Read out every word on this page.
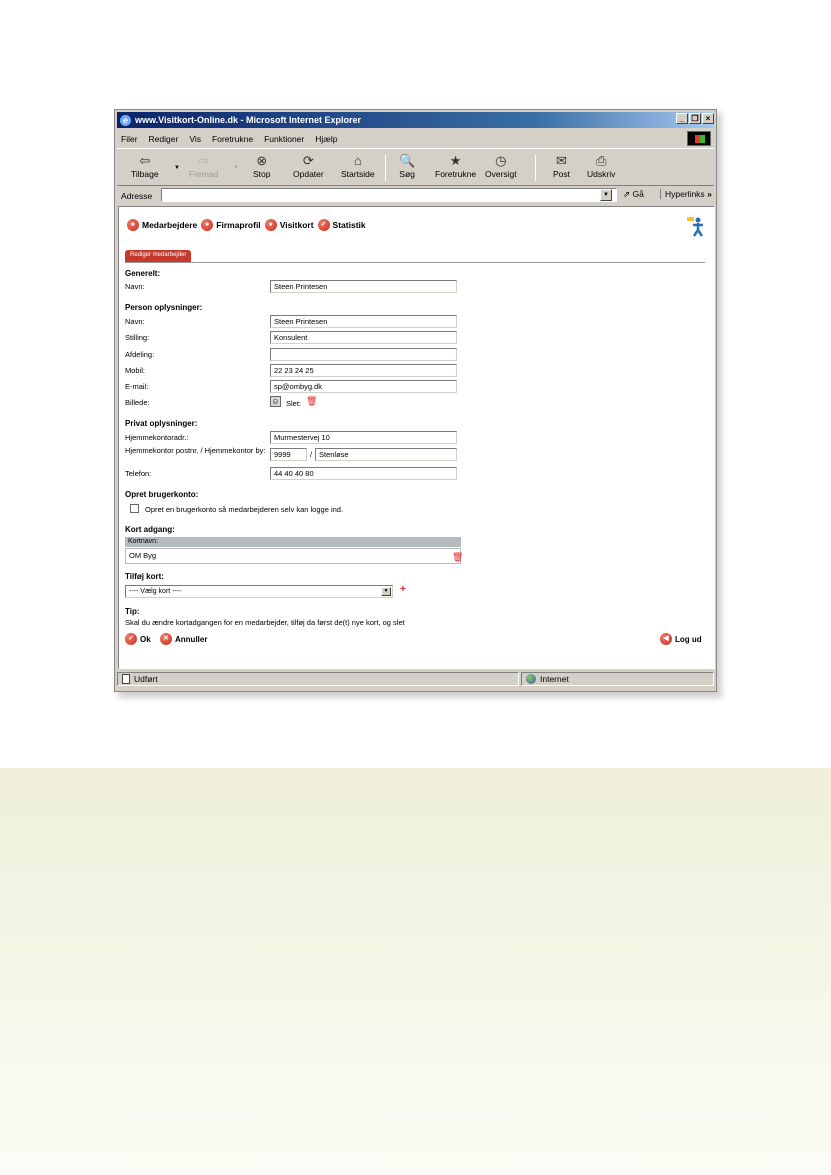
e www.Visitkort-Online.dk - Microsoft Internet Explorer	_ ❐ ×
Filer Rediger Vis Foretrukne Funktioner Hjælp
⇦
Tilbage
▼	⇨
Fremad
▼ ⊗
Stop
⟳
Opdater
⌂
Startside
🔍
Søg
★
Foretrukne
◷
Oversigt
✉
Post
⎙
Udskriv
Adresse	▼	⇗ Gå	Hyperlinks »
● Medarbejdere	● Firmaprofil	● Visitkort	✓ Statistik
Rediger medarbejder
Generelt:
Navn:	Steen Printesen
Person oplysninger:
Navn:	Steen Printesen
Stilling:	Konsulent
Afdeling:
Mobil:	22 23 24 25
E-mail:	sp@ombyg.dk
Billede:	☺ Slet: 🗑
Privat oplysninger:
Hjemmekontoradr.:	Murmestervej 10
Hjemmekontor postnr. / Hjemmekontor by:	9999	/ Stenløse
Telefon:	44 40 40 80
Opret brugerkonto:
Opret en brugerkonto så medarbejderen selv kan logge ind.
Kort adgang:
Kortnavn:
OM Byg	🗑
Tilføj kort:
---- Vælg kort ----	▼ +
Tip:
Skal du ændre kortadgangen for en medarbejder, tilføj da først de(t) nye kort, og slet
✓ Ok	✕ Annuller	◀ Log ud
Udført	Internet
